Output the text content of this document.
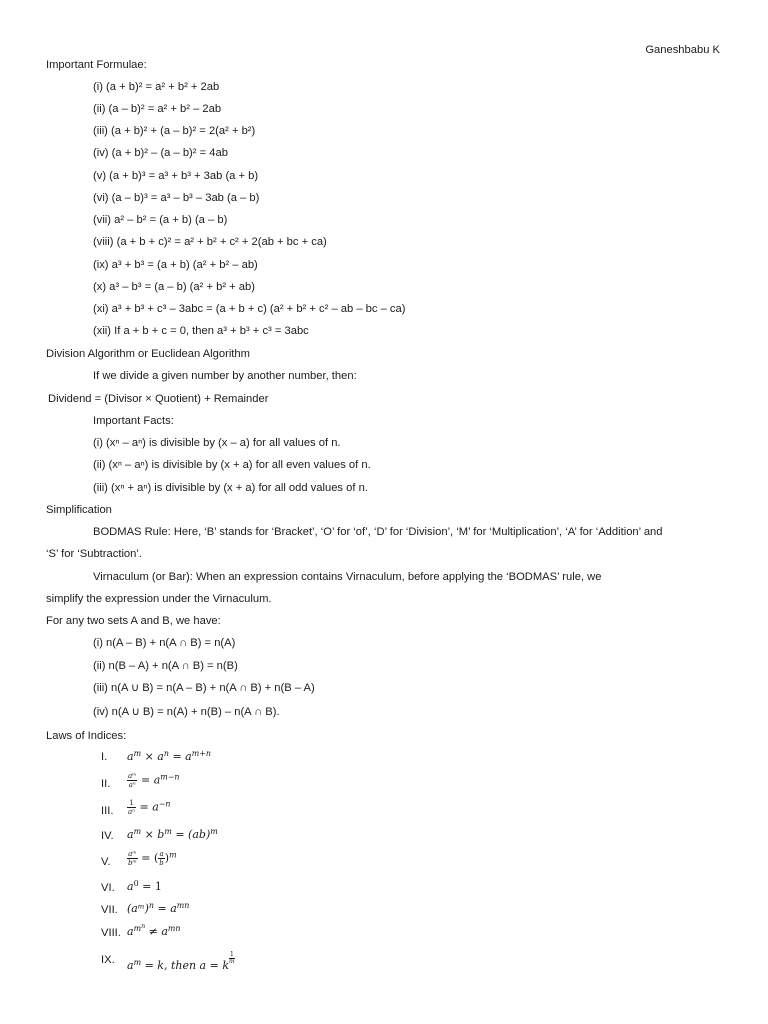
Ganeshbabu K
Important Formulae:
(i) (a + b)² = a² + b² + 2ab
(ii) (a – b)² = a² + b² – 2ab
(iii) (a + b)² + (a – b)² = 2(a² + b²)
(iv) (a + b)² – (a – b)² = 4ab
(v) (a + b)³ = a³ + b³ + 3ab (a + b)
(vi) (a – b)³ = a³ – b³ – 3ab (a – b)
(vii) a² – b² = (a + b) (a – b)
(viii) (a + b + c)² = a² + b² + c² + 2(ab + bc + ca)
(ix) a³ + b³ = (a + b) (a² + b² – ab)
(x) a³ – b³ = (a – b) (a² + b² + ab)
(xi) a³ + b³ + c³ – 3abc = (a + b + c) (a² + b² + c² – ab – bc – ca)
(xii) If a + b + c = 0, then a³ + b³ + c³ = 3abc
Division Algorithm or Euclidean Algorithm
If we divide a given number by another number, then:
Dividend = (Divisor × Quotient) + Remainder
Important Facts:
(i) (xⁿ – aⁿ) is divisible by (x – a) for all values of n.
(ii) (xⁿ – aⁿ) is divisible by (x + a) for all even values of n.
(iii) (xⁿ + aⁿ) is divisible by (x + a) for all odd values of n.
Simplification
BODMAS Rule: Here, ‘B’ stands for ‘Bracket’, ‘O’ for ‘of’, ‘D’ for ‘Division’, ‘M’ for ‘Multiplication’, ‘A’ for ‘Addition’ and
‘S’ for ‘Subtraction’.
Virnaculum (or Bar): When an expression contains Virnaculum, before applying the ‘BODMAS’ rule, we
simplify the expression under the Virnaculum.
For any two sets A and B, we have:
(i) n(A – B) + n(A ∩ B) = n(A)
(ii) n(B – A) + n(A ∩ B) = n(B)
(iii) n(A ∪ B) = n(A – B) + n(A ∩ B) + n(B – A)
(iv) n(A ∪ B) = n(A) + n(B) – n(A ∩ B).
Laws of Indices:
I. $a^m \times a^n = a^{m+n}$
II. $\frac{\text{aᵐ}}{\text{aⁿ}} = a^{m-n}$
III. $\frac{1}{\text{aⁿ}} = a^{-n}$
IV. $a^m \times b^m = (ab)^m$
V. $\frac{\text{aᵐ}}{\text{bᵐ}}$ = ( $\frac{a}{b} )^m$
VI. $a^0 = 1$
VII. (aᵐ)$^n$ = $a^{mn}$
VIII. $a^{m^n} \ne a^{mn}$
IX. $a^m = k$, then a = k
$\frac{1}{m}$
